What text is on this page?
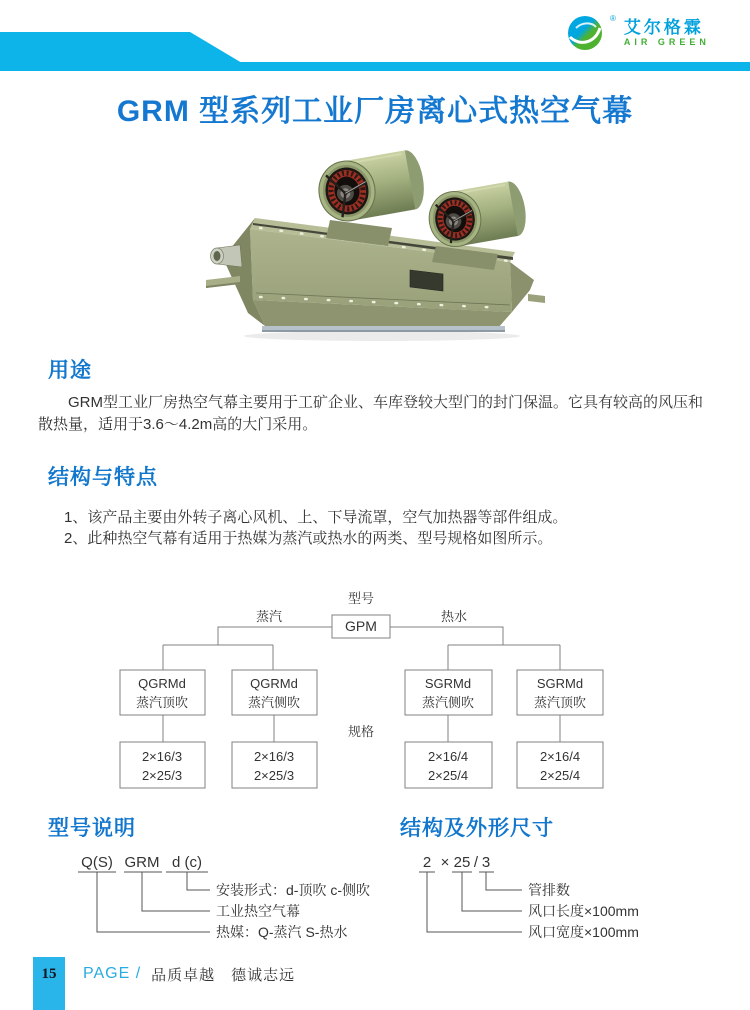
® 艾尔格霖
AIR GREEN
GRM 型系列工业厂房离心式热空气幕
用途
GRM型工业厂房热空气幕主要用于工矿企业、车库登较大型门的封门保温。它具有较高的风压和散热量，适用于3.6～4.2m高的大门采用。
结构与特点
1、该产品主要由外转子离心风机、上、下导流罩，空气加热器等部件组成。
2、此种热空气幕有适用于热媒为蒸汽或热水的两类、型号规格如图所示。
型号
GPM
蒸汽	热水
规格
QGRMd
蒸汽顶吹
QGRMd
蒸汽侧吹
SGRMd
蒸汽侧吹
SGRMd
蒸汽顶吹
2×16/3
2×25/3
2×16/3
2×25/3
2×16/4
2×25/4
2×16/4
2×25/4
型号说明
Q(S) GRM d (c)
安装形式：d-顶吹 c-侧吹
工业热空气幕
热媒：Q-蒸汽 S-热水
结构及外形尺寸
2 × 25 / 3
管排数
风口长度×100mm
风口宽度×100mm
15	PAGE / 品质卓越　德诚志远
